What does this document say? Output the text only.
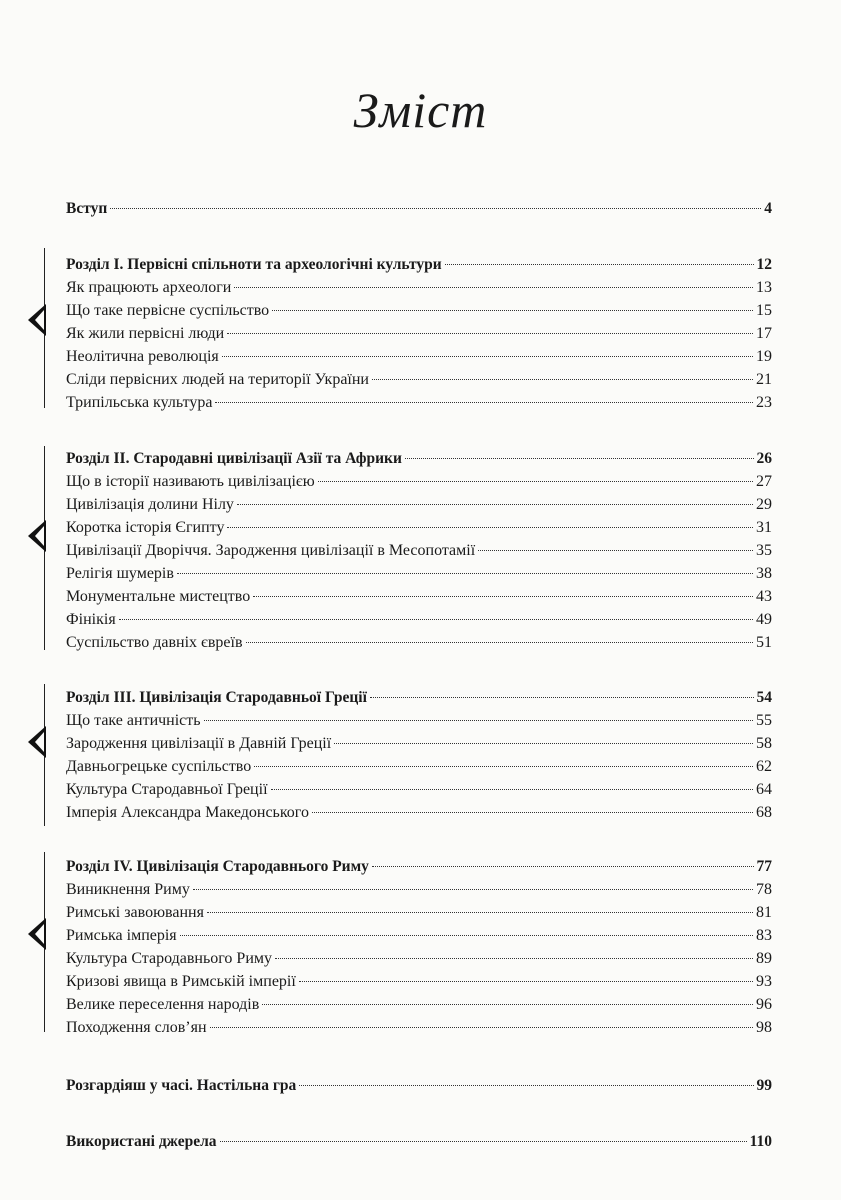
Зміст
Вступ	4
Розділ І. Первісні спільноти та археологічні культури	12
Як працюють археологи	13
Що таке первісне суспільство	15
Як жили первісні люди	17
Неолітична революція	19
Сліди первісних людей на території України	21
Трипільська культура	23
Розділ ІІ. Стародавні цивілізації Азії та Африки	26
Що в історії називають цивілізацією	27
Цивілізація долини Нілу	29
Коротка історія Єгипту	31
Цивілізації Дворіччя. Зародження цивілізації в Месопотамії	35
Релігія шумерів	38
Монументальне мистецтво	43
Фінікія	49
Суспільство давніх євреїв	51
Розділ ІІІ. Цивілізація Стародавньої Греції	54
Що таке античність	55
Зародження цивілізації в Давній Греції	58
Давньогрецьке суспільство	62
Культура Стародавньої Греції	64
Імперія Александра Македонського	68
Розділ IV. Цивілізація Стародавнього Риму	77
Виникнення Риму	78
Римські завоювання	81
Римська імперія	83
Культура Стародавнього Риму	89
Кризові явища в Римській імперії	93
Велике переселення народів	96
Походження слов’ян	98
Розгардіяш у часі. Настільна гра	99
Використані джерела	110
